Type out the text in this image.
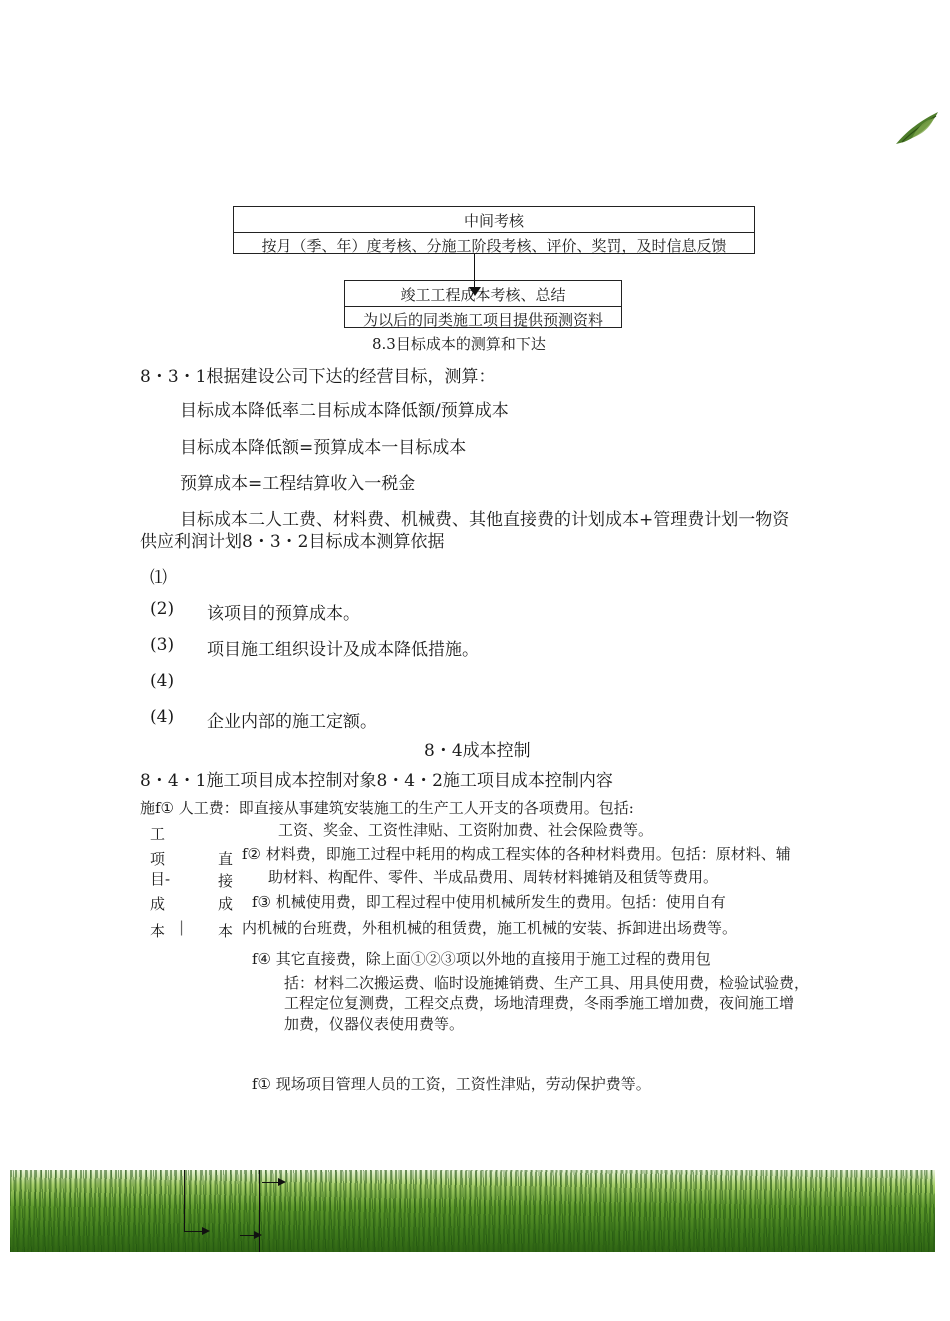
中间考核
按月（季、年）度考核、分施工阶段考核、评价、奖罚，及时信息反馈
竣工工程成本考核、总结
为以后的同类施工项目提供预测资料
8.3目标成本的测算和下达
8・3・1根据建设公司下达的经营目标，测算：
目标成本降低率二目标成本降低额/预算成本
目标成本降低额=预算成本一目标成本
预算成本=工程结算收入一税金
目标成本二人工费、材料费、机械费、其他直接费的计划成本+管理费计划一物资
供应利润计划8・3・2目标成本测算依据
⑴
(2) 该项目的预算成本。
(3) 项目施工组织设计及成本降低措施。
(4)
(4) 企业内部的施工定额。
8・4成本控制
8・4・1施工项目成本控制对象8・4・2施工项目成本控制内容
施f① 人工费：即直接从事建筑安装施工的生产工人开支的各项费用。包括:
工资、奖金、工资性津贴、工资附加费、社会保险费等。
工
项
目-
成
本 |
直
接
成
本
f② 材料费，即施工过程中耗用的构成工程实体的各种材料费用。包括：原材料、辅
助材料、构配件、零件、半成品费用、周转材料摊销及租赁等费用。
f③ 机械使用费，即工程过程中使用机械所发生的费用。包括：使用自有
内机械的台班费，外租机械的租赁费，施工机械的安装、拆卸进出场费等。
f④ 其它直接费，除上面①②③项以外地的直接用于施工过程的费用包
括：材料二次搬运费、临时设施摊销费、生产工具、用具使用费，检验试验费，
工程定位复测费，工程交点费，场地清理费，冬雨季施工增加费，夜间施工增
加费，仪器仪表使用费等。
f① 现场项目管理人员的工资，工资性津贴，劳动保护费等。
